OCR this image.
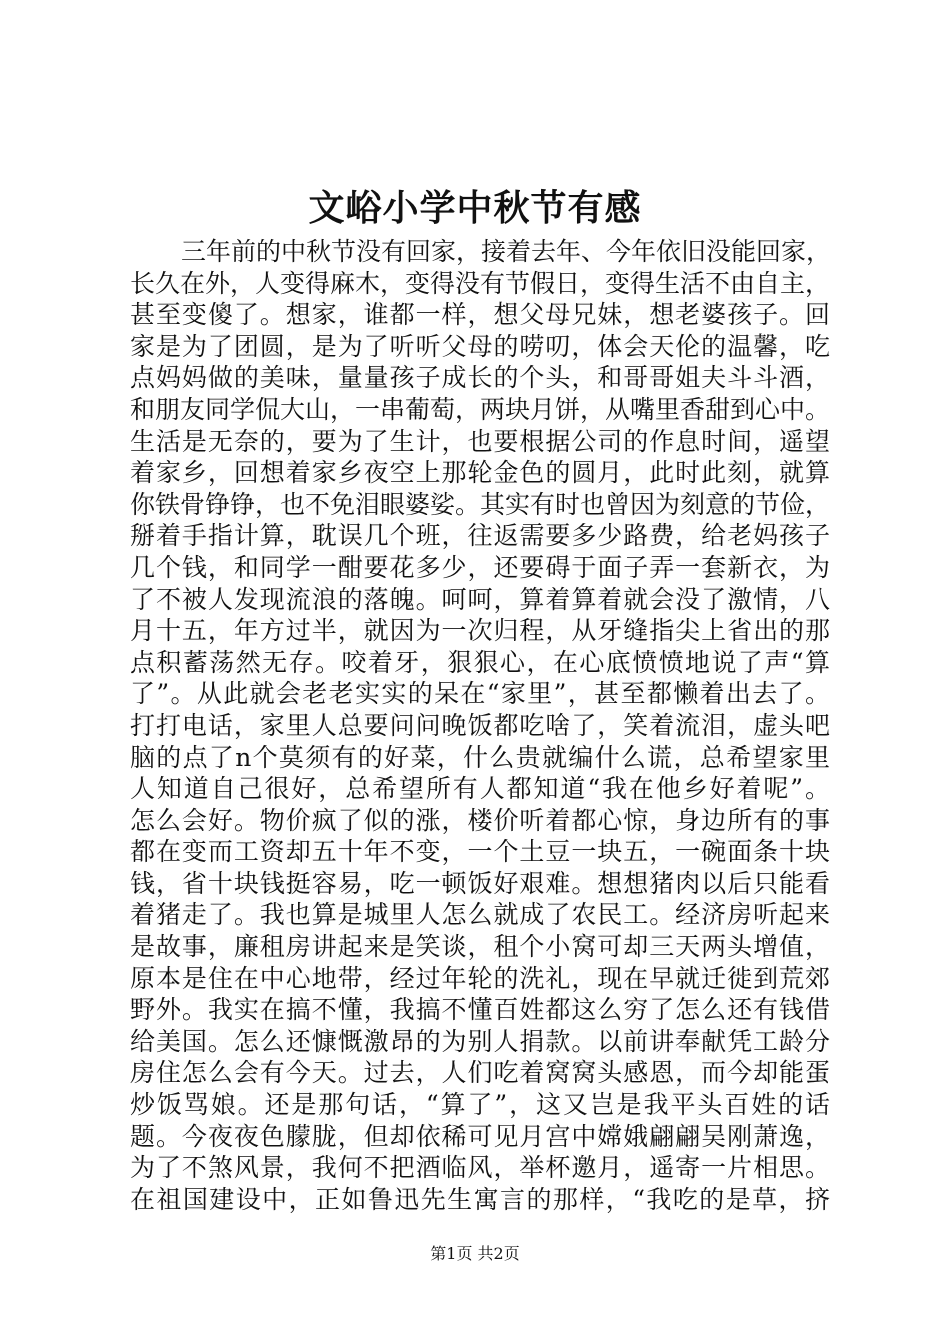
文峪小学中秋节有感
三年前的中秋节没有回家，接着去年、今年依旧没能回家，
长久在外，人变得麻木，变得没有节假日，变得生活不由自主，
甚至变傻了。想家，谁都一样，想父母兄妹，想老婆孩子。回
家是为了团圆，是为了听听父母的唠叨，体会天伦的温馨，吃
点妈妈做的美味，量量孩子成长的个头，和哥哥姐夫斗斗酒，
和朋友同学侃大山，一串葡萄，两块月饼，从嘴里香甜到心中。
生活是无奈的，要为了生计，也要根据公司的作息时间，遥望
着家乡，回想着家乡夜空上那轮金色的圆月，此时此刻，就算
你铁骨铮铮，也不免泪眼婆娑。其实有时也曾因为刻意的节俭，
掰着手指计算，耽误几个班，往返需要多少路费，给老妈孩子
几个钱，和同学一酣要花多少，还要碍于面子弄一套新衣，为
了不被人发现流浪的落魄。呵呵，算着算着就会没了激情，八
月十五，年方过半，就因为一次归程，从牙缝指尖上省出的那
点积蓄荡然无存。咬着牙，狠狠心，在心底愤愤地说了声“算
了”。从此就会老老实实的呆在“家里”，甚至都懒着出去了。
打打电话，家里人总要问问晚饭都吃啥了，笑着流泪，虚头吧
脑的点了n个莫须有的好菜，什么贵就编什么谎，总希望家里
人知道自己很好，总希望所有人都知道“我在他乡好着呢”。
怎么会好。物价疯了似的涨，楼价听着都心惊，身边所有的事
都在变而工资却五十年不变，一个土豆一块五，一碗面条十块
钱，省十块钱挺容易，吃一顿饭好艰难。想想猪肉以后只能看
着猪走了。我也算是城里人怎么就成了农民工。经济房听起来
是故事，廉租房讲起来是笑谈，租个小窝可却三天两头增值，
原本是住在中心地带，经过年轮的洗礼，现在早就迁徙到荒郊
野外。我实在搞不懂，我搞不懂百姓都这么穷了怎么还有钱借
给美国。怎么还慷慨激昂的为别人捐款。以前讲奉献凭工龄分
房住怎么会有今天。过去，人们吃着窝窝头感恩，而今却能蛋
炒饭骂娘。还是那句话，“算了”，这又岂是我平头百姓的话
题。今夜夜色朦胧，但却依稀可见月宫中嫦娥翩翩吴刚萧逸，
为了不煞风景，我何不把酒临风，举杯邀月，遥寄一片相思。
在祖国建设中，正如鲁迅先生寓言的那样，“我吃的是草，挤
第1页 共2页
